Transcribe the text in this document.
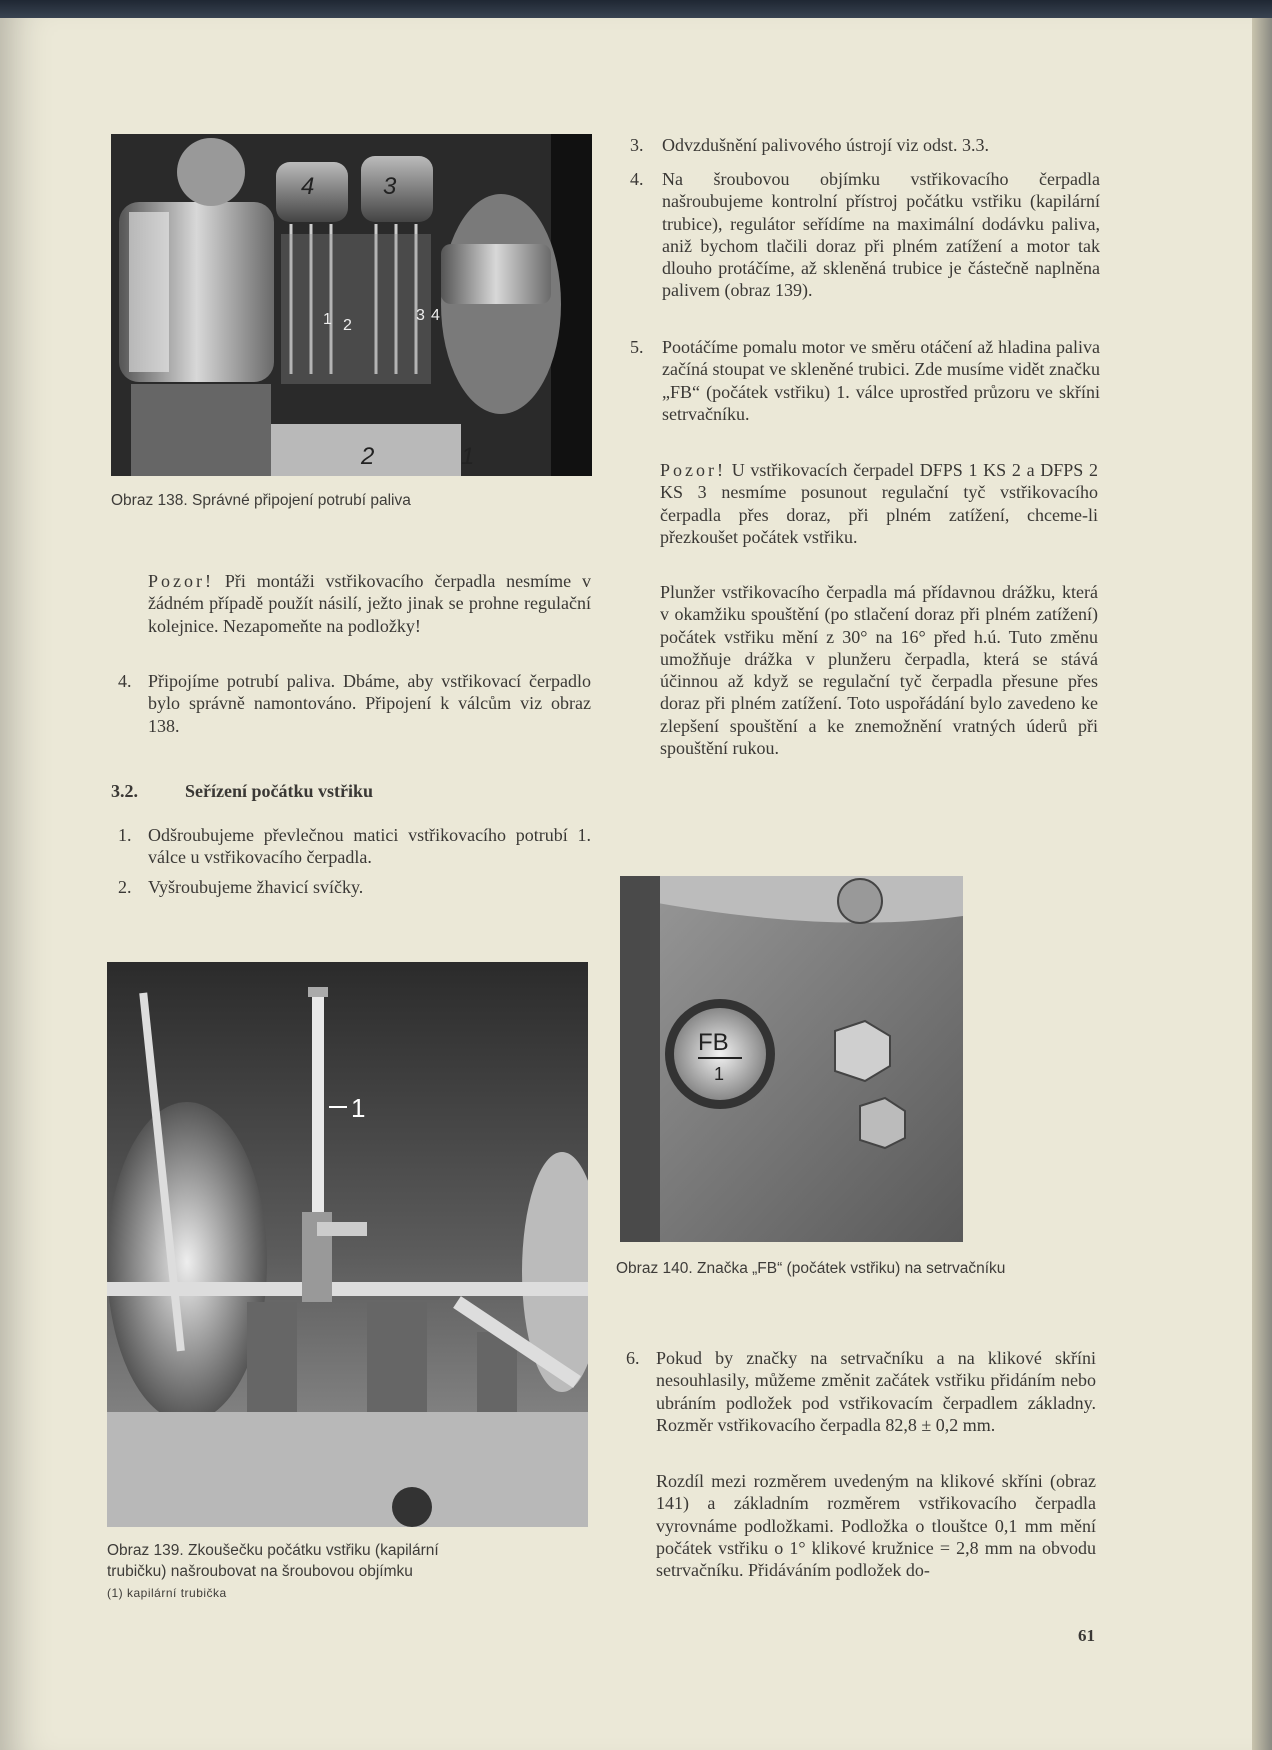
4	3
1 2
3 4
2	1
Obraz 138. Správné připojení potrubí paliva
Pozor! Při montáži vstřikovacího čerpadla nesmíme v žádném případě použít násilí, ježto jinak se prohne regulační kolejnice. Nezapomeňte na podložky!
4. Připojíme potrubí paliva. Dbáme, aby vstřikovací čerpadlo bylo správně namontováno. Připojení k válcům viz obraz 138.
3.2.	Seřízení počátku vstřiku
1. Odšroubujeme převlečnou matici vstřikovacího potrubí 1. válce u vstřikovacího čerpadla.
2. Vyšroubujeme žhavicí svíčky.
1
Obraz 139. Zkoušečku počátku vstřiku (kapilární
trubičku) našroubovat na šroubovou objímku
(1) kapilární trubička
3. Odvzdušnění palivového ústrojí viz odst. 3.3.
4. Na šroubovou objímku vstřikovacího čerpadla našroubujeme kontrolní přístroj počátku vstřiku (kapilární trubice), regulátor seřídíme na maximální dodávku paliva, aniž bychom tlačili doraz při plném zatížení a motor tak dlouho protáčíme, až skleněná trubice je částečně naplněna palivem (obraz 139).
5. Pootáčíme pomalu motor ve směru otáčení až hladina paliva začíná stoupat ve skleněné trubici. Zde musíme vidět značku „FB“ (počátek vstřiku) 1. válce uprostřed průzoru ve skříni setrvačníku.
Pozor! U vstřikovacích čerpadel DFPS 1 KS 2 a DFPS 2 KS 3 nesmíme posunout regulační tyč vstřikovacího čerpadla přes doraz, při plném zatížení, chceme-li přezkoušet počátek vstřiku.
Plunžer vstřikovacího čerpadla má přídavnou drážku, která v okamžiku spouštění (po stlačení doraz při plném zatížení) počátek vstřiku mění z 30° na 16° před h.ú. Tuto změnu umožňuje drážka v plunžeru čerpadla, která se stává účinnou až když se regulační tyč čerpadla přesune přes doraz při plném zatížení. Toto uspořádání bylo zavedeno ke zlepšení spouštění a ke znemožnění vratných úderů při spouštění rukou.
FB
1
Obraz 140. Značka „FB“ (počátek vstřiku) na setrvačníku
6. Pokud by značky na setrvačníku a na klikové skříni nesouhlasily, můžeme změnit začátek vstřiku přidáním nebo ubráním podložek pod vstřikovacím čerpadlem základny. Rozměr vstřikovacího čerpadla 82,8 ± 0,2 mm.
Rozdíl mezi rozměrem uvedeným na klikové skříni (obraz 141) a základním rozměrem vstřikovacího čerpadla vyrovnáme podložkami. Podložka o tlouštce 0,1 mm mění počátek vstřiku o 1° klikové kružnice = 2,8 mm na obvodu setrvačníku. Přidáváním podložek do-
61
